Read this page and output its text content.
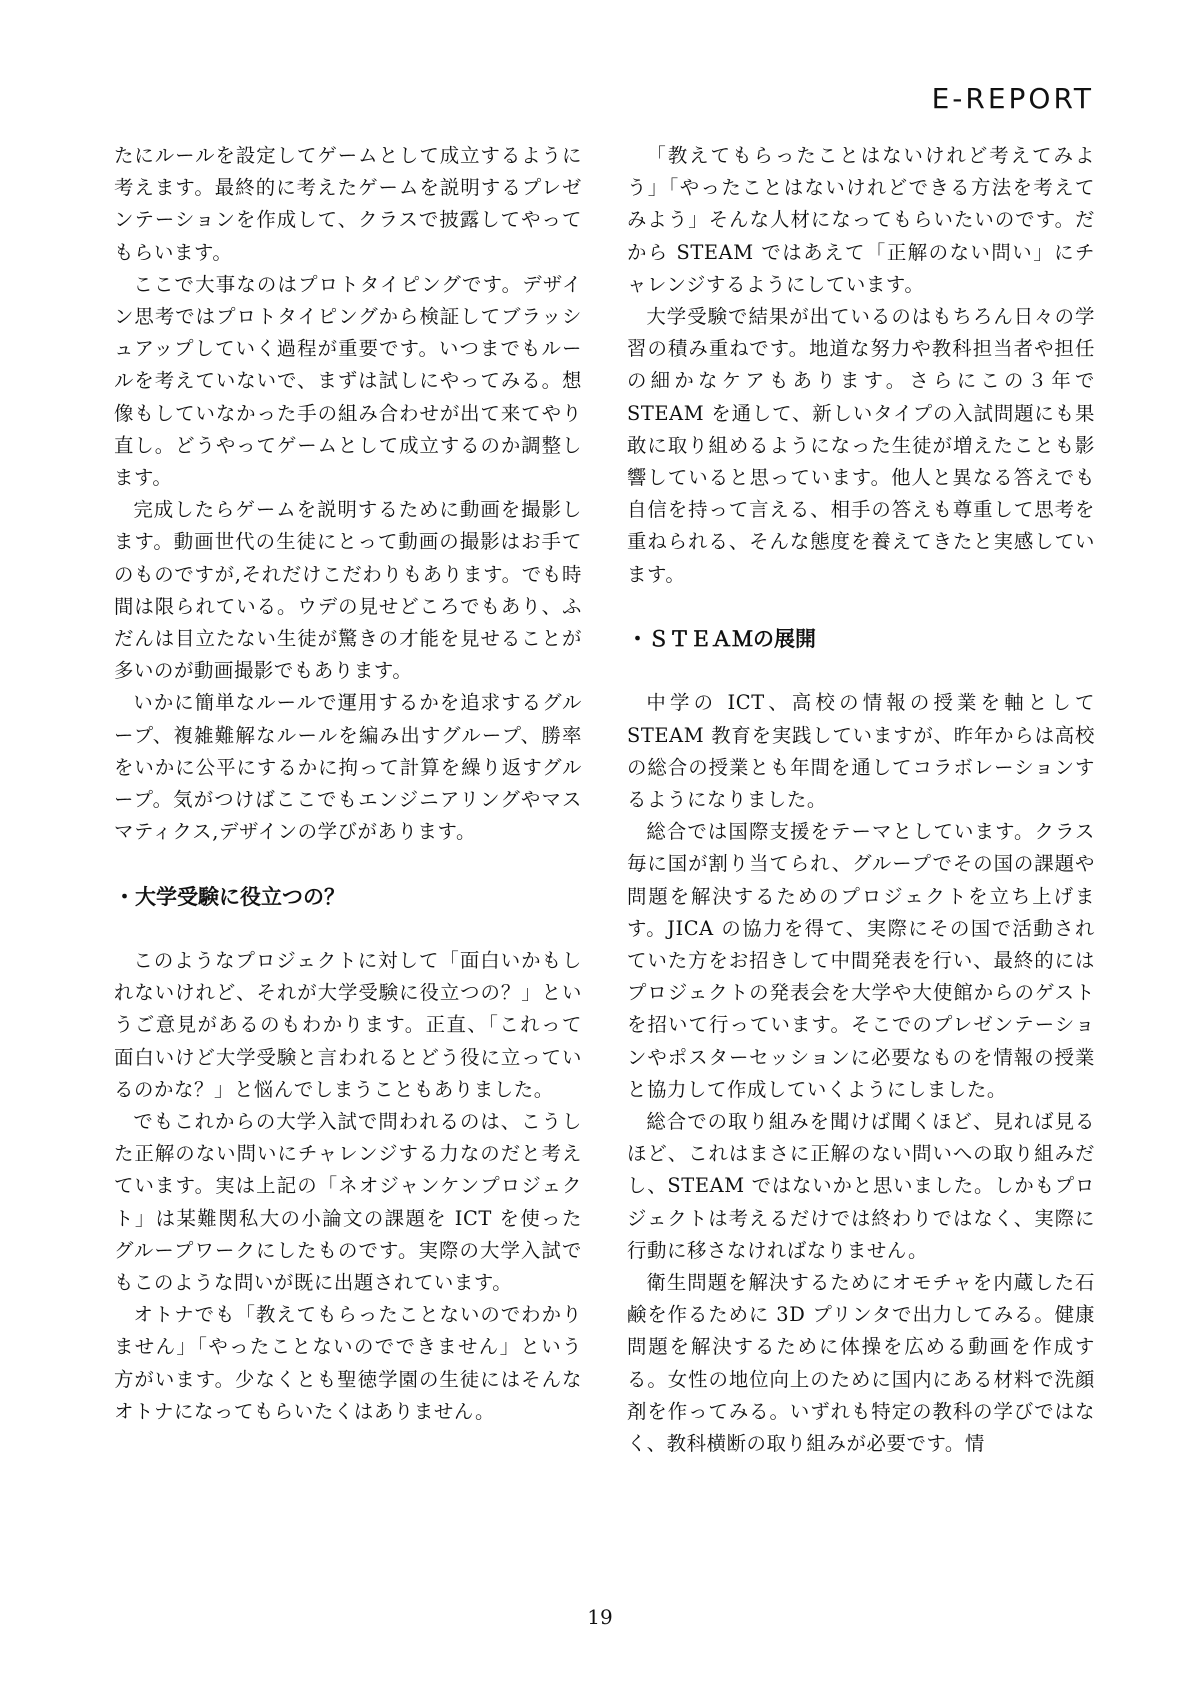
E-REPORT

たにルールを設定してゲームとして成立するように考えます。最終的に考えたゲームを説明するプレゼンテーションを作成して、クラスで披露してやってもらいます。

ここで大事なのはプロトタイピングです。デザイン思考ではプロトタイピングから検証してブラッシュアップしていく過程が重要です。いつまでもルールを考えていないで、まずは試しにやってみる。想像もしていなかった手の組み合わせが出て来てやり直し。どうやってゲームとして成立するのか調整します。

完成したらゲームを説明するために動画を撮影します。動画世代の生徒にとって動画の撮影はお手てのものですが,それだけこだわりもあります。でも時間は限られている。ウデの見せどころでもあり、ふだんは目立たない生徒が驚きの才能を見せることが多いのが動画撮影でもあります。

いかに簡単なルールで運用するかを追求するグループ、複雑難解なルールを編み出すグループ、勝率をいかに公平にするかに拘って計算を繰り返すグループ。気がつけばここでもエンジニアリングやマスマティクス,デザインの学びがあります。

・大学受験に役立つの？

このようなプロジェクトに対して「面白いかもしれないけれど、それが大学受験に役立つの？」というご意見があるのもわかります。正直、「これって面白いけど大学受験と言われるとどう役に立っているのかな？」と悩んでしまうこともありました。

でもこれからの大学入試で問われるのは、こうした正解のない問いにチャレンジする力なのだと考えています。実は上記の「ネオジャンケンプロジェクト」は某難関私大の小論文の課題を ICT を使ったグループワークにしたものです。実際の大学入試でもこのような問いが既に出題されています。

オトナでも「教えてもらったことないのでわかりません」「やったことないのでできません」という方がいます。少なくとも聖徳学園の生徒にはそんなオトナになってもらいたくはありません。

「教えてもらったことはないけれど考えてみよう」「やったことはないけれどできる方法を考えてみよう」そんな人材になってもらいたいのです。だから STEAM ではあえて「正解のない問い」にチャレンジするようにしています。

大学受験で結果が出ているのはもちろん日々の学習の積み重ねです。地道な努力や教科担当者や担任の細かなケアもあります。さらにこの３年で STEAM を通して、新しいタイプの入試問題にも果敢に取り組めるようになった生徒が増えたことも影響していると思っています。他人と異なる答えでも自信を持って言える、相手の答えも尊重して思考を重ねられる、そんな態度を養えてきたと実感しています。

・ＳＴＥＡＭの展開

中学の ICT、高校の情報の授業を軸として STEAM 教育を実践していますが、昨年からは高校の総合の授業とも年間を通してコラボレーションするようになりました。

総合では国際支援をテーマとしています。クラス毎に国が割り当てられ、グループでその国の課題や問題を解決するためのプロジェクトを立ち上げます。JICA の協力を得て、実際にその国で活動されていた方をお招きして中間発表を行い、最終的にはプロジェクトの発表会を大学や大使館からのゲストを招いて行っています。そこでのプレゼンテーションやポスターセッションに必要なものを情報の授業と協力して作成していくようにしました。

総合での取り組みを聞けば聞くほど、見れば見るほど、これはまさに正解のない問いへの取り組みだし、STEAM ではないかと思いました。しかもプロジェクトは考えるだけでは終わりではなく、実際に行動に移さなければなりません。

衛生問題を解決するためにオモチャを内蔵した石鹸を作るために 3D プリンタで出力してみる。健康問題を解決するために体操を広める動画を作成する。女性の地位向上のために国内にある材料で洗顔剤を作ってみる。いずれも特定の教科の学びではなく、教科横断の取り組みが必要です。情

19
